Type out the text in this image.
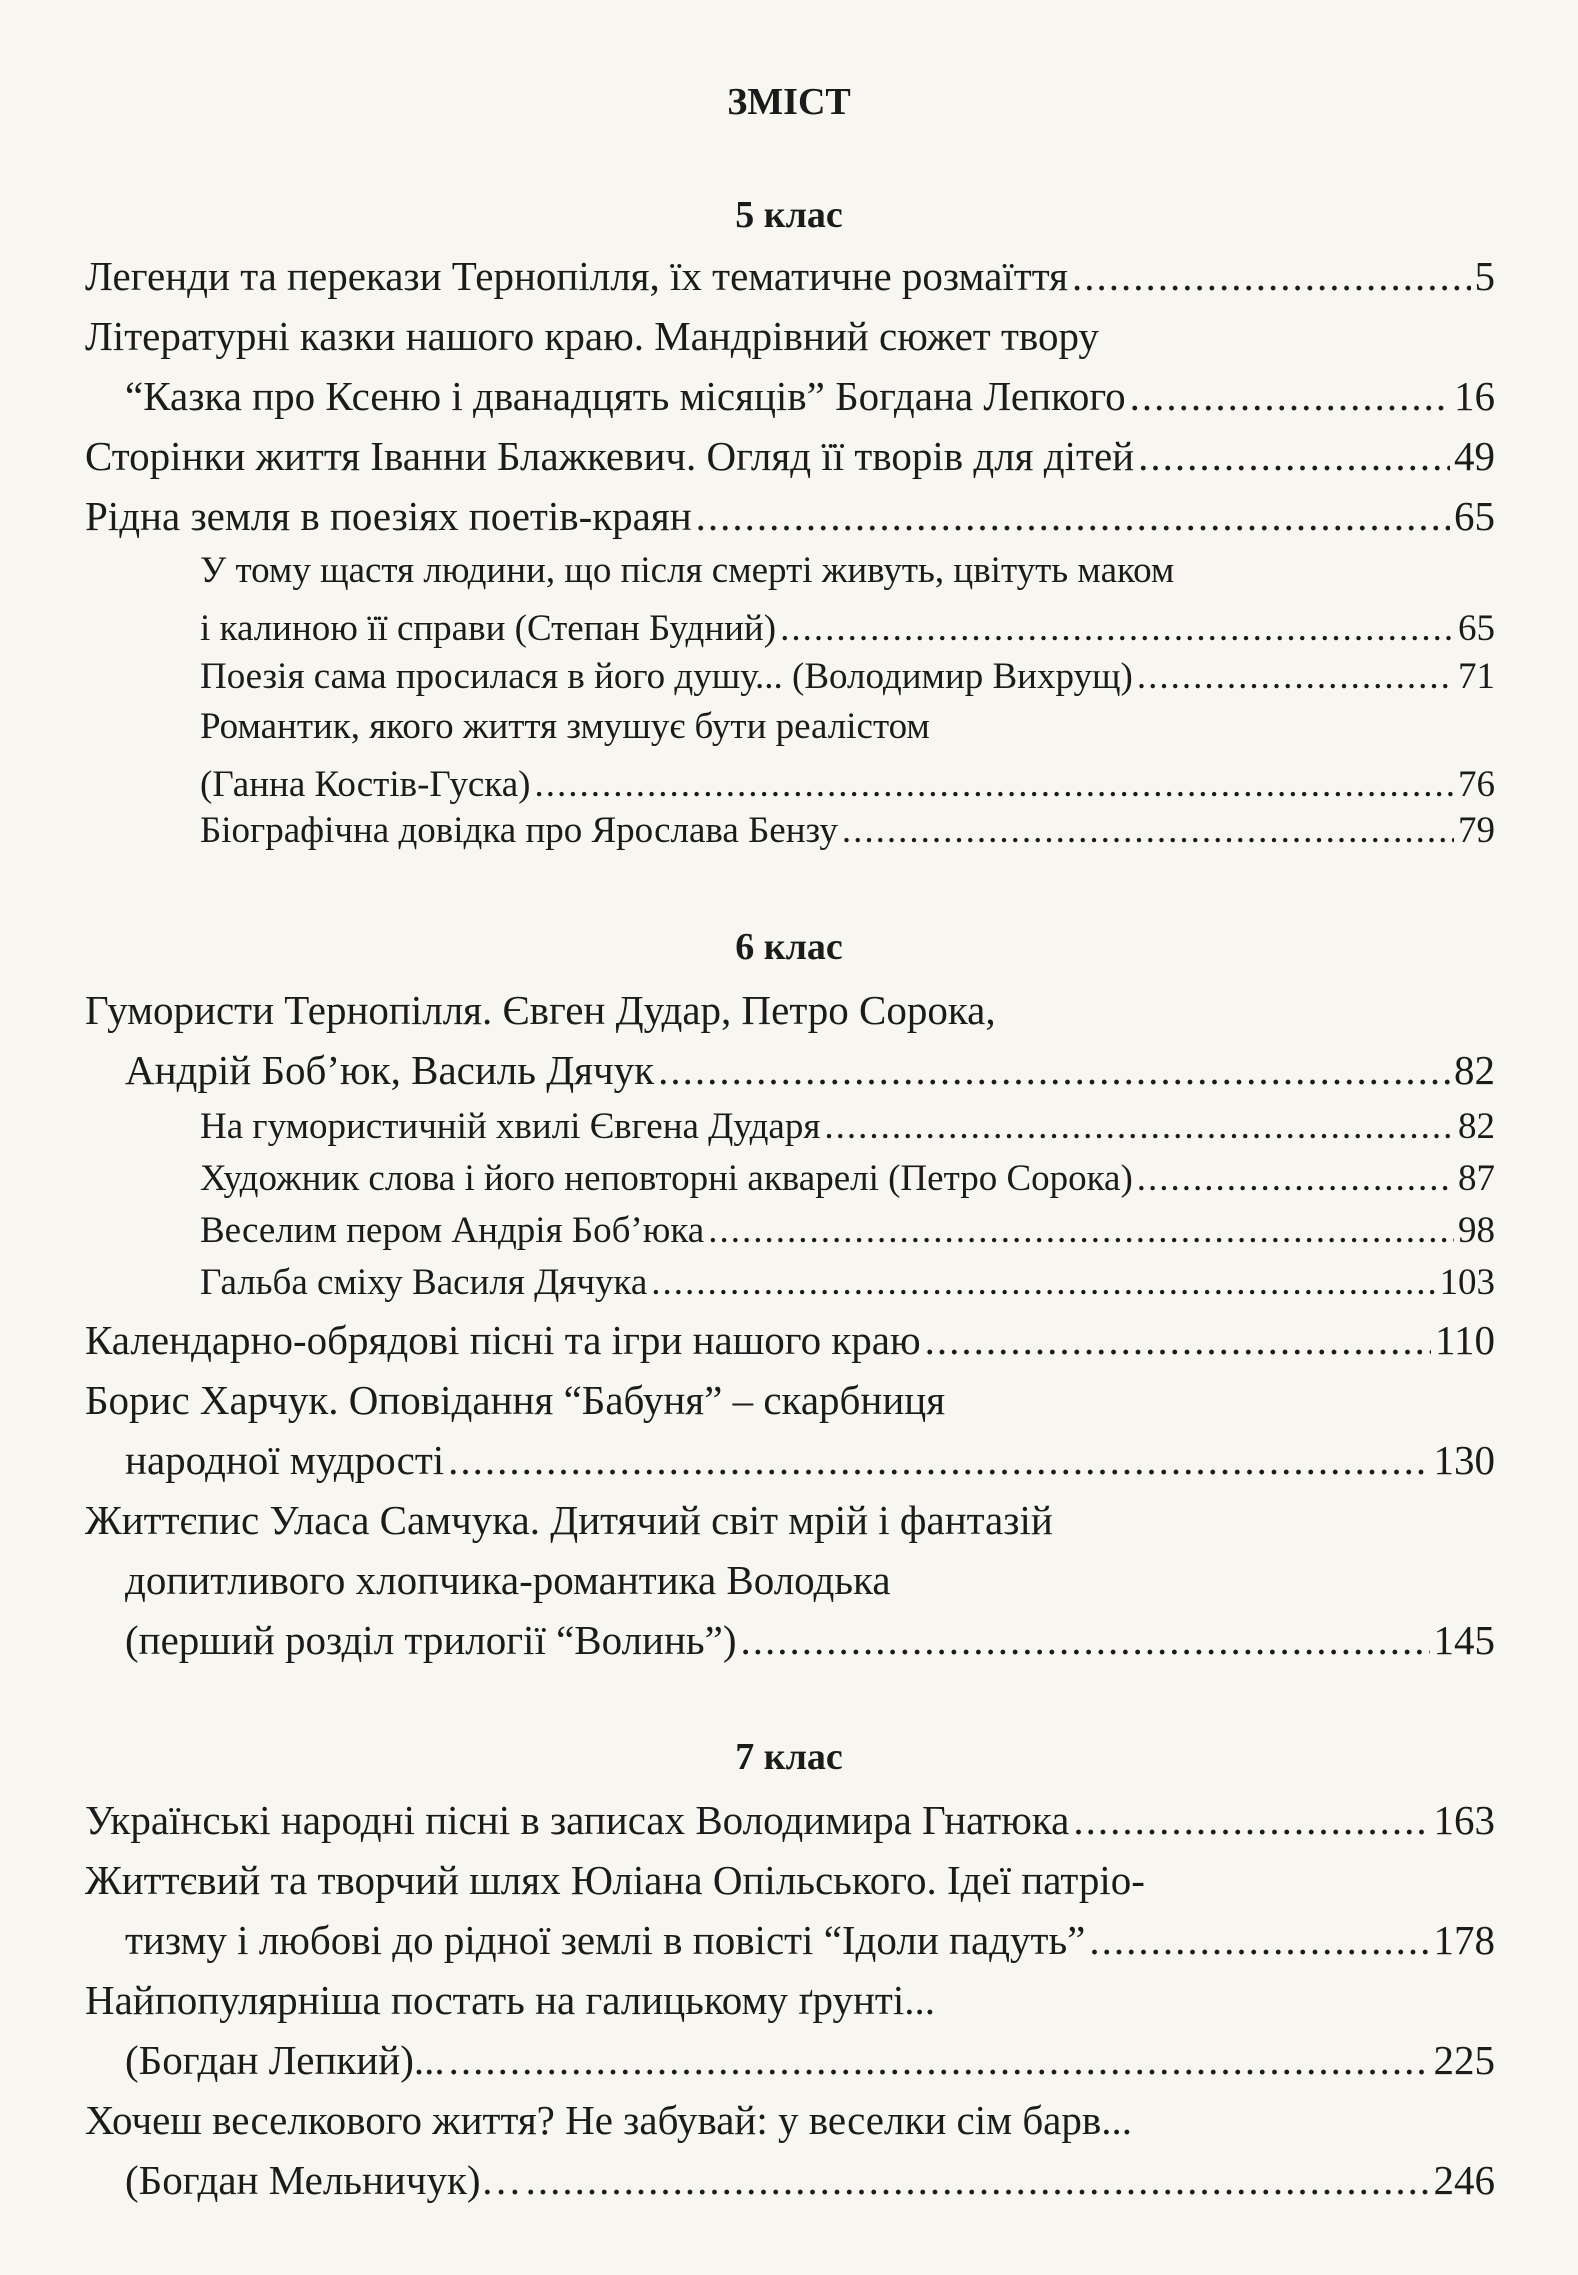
ЗМІСТ
5 клас
Легенди та перекази Тернопілля, їх тематичне розмаїття .....	5
Літературні казки нашого краю. Мандрівний сюжет твору
“Казка про Ксеню і дванадцять місяців” Богдана Лепкого .....	16
Сторінки життя Іванни Блажкевич. Огляд її творів для дітей .....	49
Рідна земля в поезіях поетів-краян .....	65
У тому щастя людини, що після смерті живуть, цвітуть маком
і калиною її справи (Степан Будний) .....	65
Поезія сама просилася в його душу... (Володимир Вихрущ) .....	71
Романтик, якого життя змушує бути реалістом
(Ганна Костів-Гуска) .....	76
Біографічна довідка про Ярослава Бензу .....	79
6 клас
Гумористи Тернопілля. Євген Дудар, Петро Сорока,
Андрій Боб’юк, Василь Дячук .....	82
На гумористичній хвилі Євгена Дударя .....	82
Художник слова і його неповторні акварелі (Петро Сорока) .....	87
Веселим пером Андрія Боб’юка .....	98
Гальба сміху Василя Дячука .....	103
Календарно-обрядові пісні та ігри нашого краю .....	110
Борис Харчук. Оповідання “Бабуня” – скарбниця
народної мудрості .....	130
Життєпис Уласа Самчука. Дитячий світ мрій і фантазій
допитливого хлопчика-романтика Володька
(перший розділ трилогії “Волинь”) .....	145
7 клас
Українські народні пісні в записах Володимира Гнатюка .....	163
Життєвий та творчий шлях Юліана Опільського. Ідеї патріо-
тизму і любові до рідної землі в повісті “Ідоли падуть” .....	178
Найпопулярніша постать на галицькому ґрунті...
(Богдан Лепкий)... .....	225
Хочеш веселкового життя? Не забувай: у веселки сім барв...
(Богдан Мельничук)… .....	246
